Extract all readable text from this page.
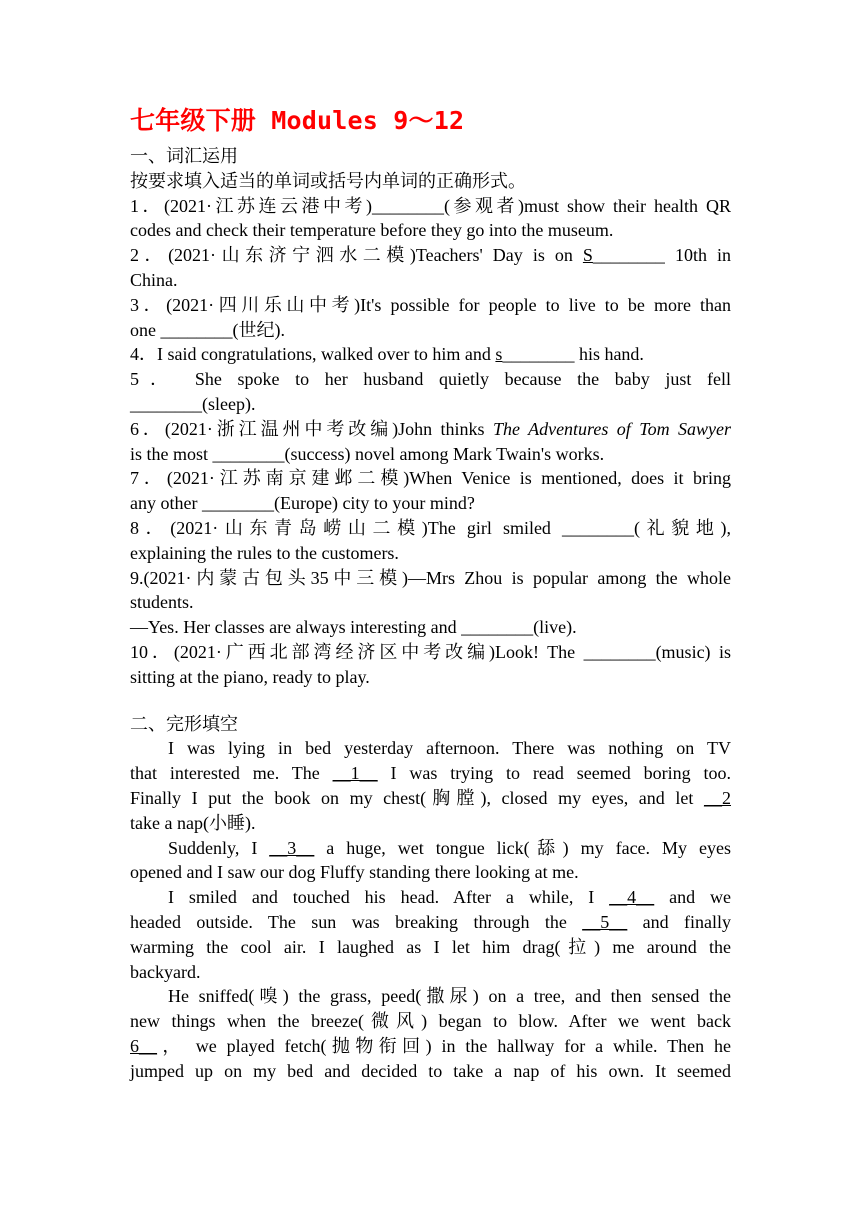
七年级下册 Modules 9～12
一、词汇运用
按要求填入适当的单词或括号内单词的正确形式。
1．(2021·江苏连云港中考)________(参观者)must show their health QR
codes and check their temperature before they go into the museum.
2．(2021·山东济宁泗水二模)Teachers' Day is on S________ 10th in
China.
3．(2021·四川乐山中考)It's possible for people to live to be more than
one ________(世纪).
4．I said congratulations, walked over to him and s________ his hand.
5． She spoke to her husband quietly because the baby just fell
________(sleep).
6．(2021·浙江温州中考改编)John thinks The Adventures of Tom Sawyer
is the most ________(success) novel among Mark Twain's works.
7．(2021·江苏南京建邺二模)When Venice is mentioned, does it bring
any other ________(Europe) city to your mind?
8．(2021·山东青岛崂山二模)The girl smiled ________(礼貌地),
explaining the rules to the customers.
9.(2021·内蒙古包头35中三模)—Mrs Zhou is popular among the whole
students.
—Yes. Her classes are always interesting and ________(live).
10．(2021·广西北部湾经济区中考改编)Look! The ________(music) is
sitting at the piano, ready to play.
二、完形填空
I was lying in bed yesterday afternoon. There was nothing on TV
that interested me. The __1__ I was trying to read seemed boring too.
Finally I put the book on my chest(胸膛), closed my eyes, and let __2
take a nap(小睡).
Suddenly, I __3__ a huge, wet tongue lick(舔) my face. My eyes
opened and I saw our dog Fluffy standing there looking at me.
I smiled and touched his head. After a while, I __4__ and we
headed outside. The sun was breaking through the __5__ and finally
warming the cool air. I laughed as I let him drag(拉) me around the
backyard.
He sniffed(嗅) the grass, peed(撒尿) on a tree, and then sensed the
new things when the breeze(微风) began to blow. After we went back
6__， we played fetch(抛物衔回) in the hallway for a while. Then he
jumped up on my bed and decided to take a nap of his own. It seemed
